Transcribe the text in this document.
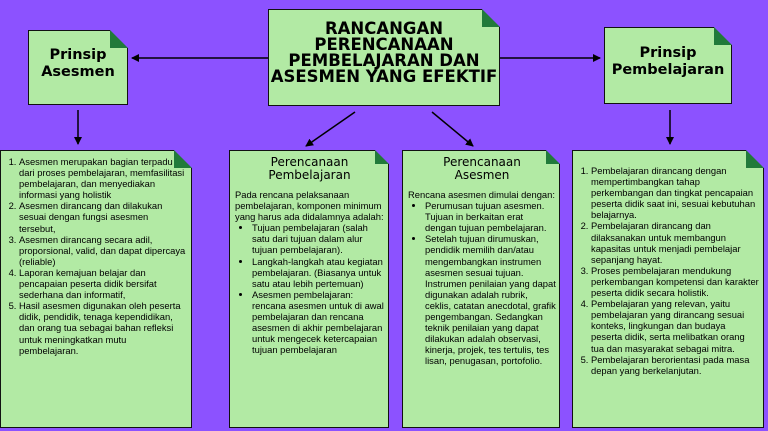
RANCANGAN
PERENCANAAN
PEMBELAJARAN DAN
ASESMEN YANG EFEKTIF
Prinsip
Asesmen
Prinsip
Pembelajaran
1. Asesmen merupakan bagian terpadu dari proses pembelajaran, memfasilitasi pembelajaran, dan menyediakan informasi yang holistik
2. Asesmen dirancang dan dilakukan sesuai dengan fungsi asesmen tersebut,
3. Asesmen dirancang secara adil, proporsional, valid, dan dapat dipercaya (reliable)
4. Laporan kemajuan belajar dan pencapaian peserta didik bersifat sederhana dan informatif,
5. Hasil asesmen digunakan oleh peserta didik, pendidik, tenaga kependidikan, dan orang tua sebagai bahan refleksi untuk meningkatkan mutu pembelajaran.
Perencanaan
Pembelajaran
Pada rencana pelaksanaan pembelajaran, komponen minimum yang harus ada didalamnya adalah:
• Tujuan pembelajaran (salah satu dari tujuan dalam alur tujuan pembelajaran).
• Langkah-langkah atau kegiatan pembelajaran. (Biasanya untuk satu atau lebih pertemuan)
• Asesmen pembelajaran: rencana asesmen untuk di awal pembelajaran dan rencana asesmen di akhir pembelajaran untuk mengecek ketercapaian tujuan pembelajaran
Perencanaan
Asesmen
Rencana asesmen dimulai dengan:
• Perumusan tujuan asesmen. Tujuan in berkaitan erat dengan tujuan pembelajaran.
• Setelah tujuan dirumuskan, pendidik memilih dan/atau mengembangkan instrumen asesmen sesuai tujuan. Instrumen penilaian yang dapat digunakan adalah rubrik, ceklis, catatan anecdotal, grafik pengembangan. Sedangkan teknik penilaian yang dapat dilakukan adalah observasi, kinerja, projek, tes tertulis, tes lisan, penugasan, portofolio.
1. Pembelajaran dirancang dengan mempertimbangkan tahap perkembangan dan tingkat pencapaian peserta didik saat ini, sesuai kebutuhan belajarnya.
2. Pembelajaran dirancang dan dilaksanakan untuk membangun kapasitas untuk menjadi pembelajar sepanjang hayat.
3. Proses pembelajaran mendukung perkembangan kompetensi dan karakter peserta didik secara holistik.
4. Pembelajaran yang relevan, yaitu pembelajaran yang dirancang sesuai konteks, lingkungan dan budaya peserta didik, serta melibatkan orang tua dan masyarakat sebagai mitra.
5. Pembelajaran berorientasi pada masa depan yang berkelanjutan.
